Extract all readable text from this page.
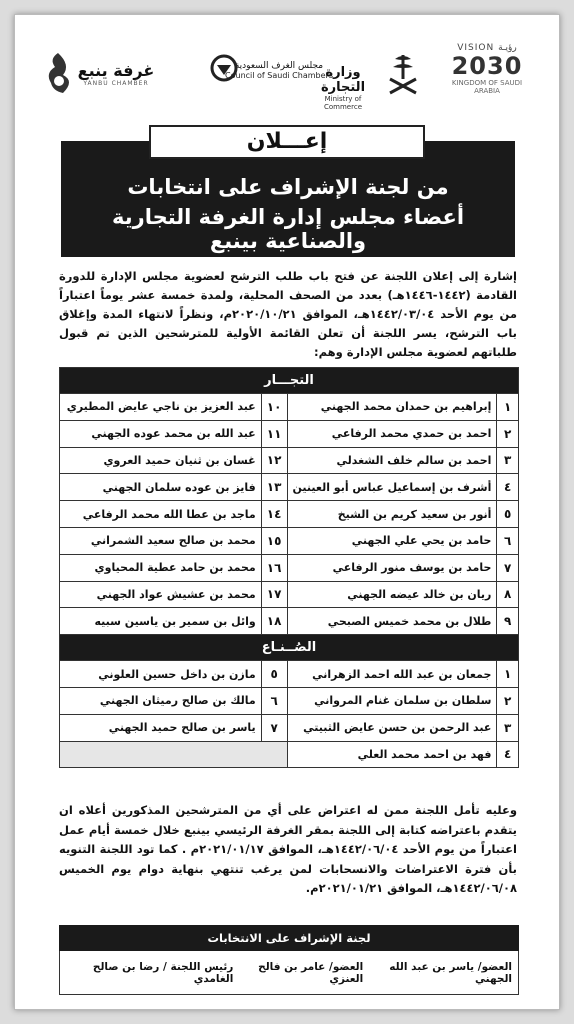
VISION رؤيـة
2030
KINGDOM OF SAUDI ARABIA
وزارة التجارة
Ministry of Commerce
مجلس الغرف السعودية
Council of Saudi Chambers
غرفة ينبع
YANBU CHAMBER
من لجنة الإشراف على انتخابات
أعضاء مجلس إدارة الغرفة التجارية والصناعية بينبع
إعـــلان
إشارة إلى إعلان اللجنة عن فتح باب طلب الترشح لعضوية مجلس الإدارة للدورة القادمة (١٤٤٢-١٤٤٦هـ) بعدد من الصحف المحلية، ولمدة خمسة عشر يوماً اعتباراً من يوم الأحد ١٤٤٢/٠٣/٠٤هـ، الموافق ٢٠٢٠/١٠/٢١م، ونظراً لانتهاء المدة وإغلاق باب الترشح، يسر اللجنة أن تعلن القائمة الأولية للمترشحين الذين تم قبول طلباتهم لعضوية مجلس الإدارة وهم:
التجـــار			
١	إبراهيم بن حمدان محمد الجهني	١٠	عبد العزيز بن ناجي عايض المطيري
٢	احمد بن حمدي محمد الرفاعي	١١	عبد الله بن محمد عوده الجهني
٣	احمد بن سالم خلف الشغدلي	١٢	غسان بن ثنيان حميد العروي
٤	أشرف بن إسماعيل عباس أبو العينين	١٣	فايز بن عوده سلمان الجهني
٥	أنور بن سعيد كريم بن الشيخ	١٤	ماجد بن عطا الله محمد الرفاعي
٦	حامد بن يحي علي الجهني	١٥	محمد بن صالح سعيد الشمراني
٧	حامد بن يوسف منور الرفاعي	١٦	محمد بن حامد عطية المحياوي
٨	ريان بن خالد عيضه الجهني	١٧	محمد بن عشيش عواد الجهني
٩	طلال بن محمد خميس الصبحي	١٨	وائل بن سمير بن ياسين سبيه
الصُــنـاع			
١	جمعان بن عبد الله احمد الزهراني	٥	مازن بن داخل حسين العلوني
٢	سلطان بن سلمان غنام المرواني	٦	مالك بن صالح رميثان الجهني
٣	عبد الرحمن بن حسن عايض الثبيتي	٧	ياسر بن صالح حميد الجهني
٤	فهد بن احمد محمد العلي		
وعليه تأمل اللجنة ممن له اعتراض على أي من المترشحين المذكورين أعلاه ان يتقدم باعتراضه كتابة إلى اللجنة بمقر الغرفة الرئيسي بينبع خلال خمسة أيام عمل اعتباراً من يوم الأحد ١٤٤٢/٠٦/٠٤هـ، الموافق ٢٠٢١/٠١/١٧م . كما تود اللجنة التنويه بأن فترة الاعتراضات والانسحابات لمن يرغب تنتهي بنهاية دوام يوم الخميس ١٤٤٢/٠٦/٠٨هـ، الموافق ٢٠٢١/٠١/٢١م.
لجنة الإشراف على الانتخابات
العضو/ ياسر بن عبد الله الجهني
العضو/ عامر بن فالح العنزي
رئيس اللجنة / رضا بن صالح الغامدي
